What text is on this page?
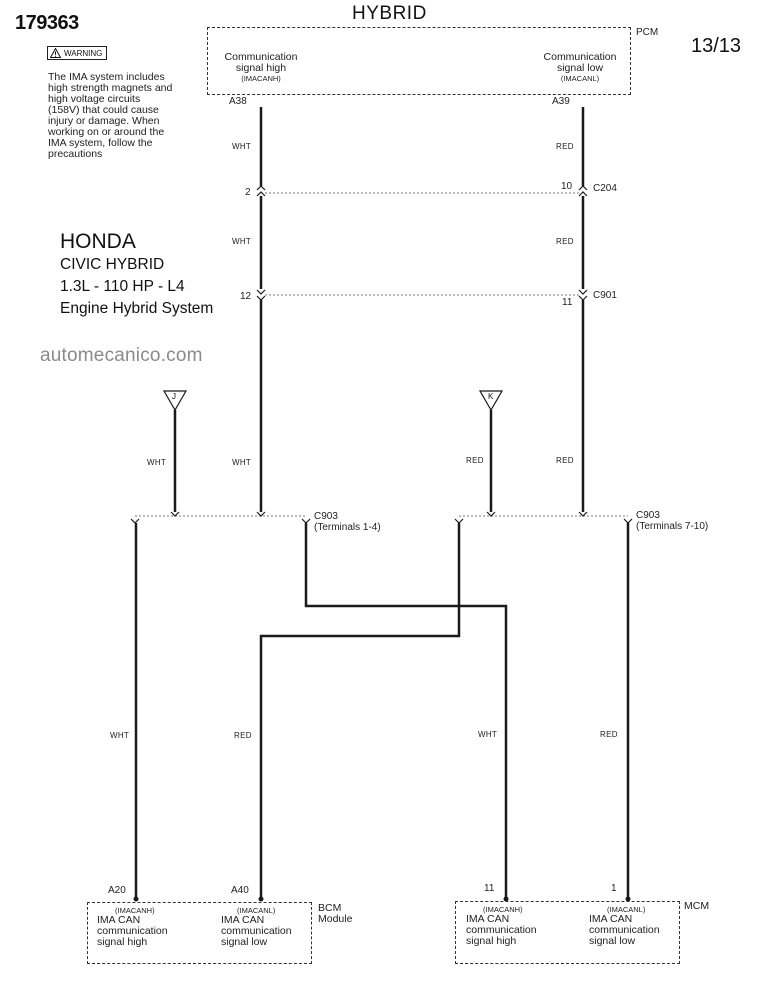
179363	HYBRID
13/13
WARNING
The IMA system includes
high strength magnets and
high voltage circuits
(158V) that could cause
injury or damage. When
working on or around the
IMA system, follow the
precautions
HONDA
CIVIC HYBRID
1.3L - 110 HP - L4
Engine Hybrid System
automecanico.com
PCM
Communication
signal high
(IMACANH)
Communication
signal low
(IMACANL)
A38	A39
WHT	RED
WHT	RED
WHT	RED
WHT	RED
2
10 C204
12
11
C901
C903
(Terminals 1-4)
C903
(Terminals 7-10)
J	K
WHT	RED	WHT	RED
A20	A40
BCM
Module
(IMACANH)
IMA CAN
communication
signal high
(IMACANL)
IMA CAN
communication
signal low
11	1
MCM
(IMACANH)
IMA CAN
communication
signal high
(IMACANL)
IMA CAN
communication
signal low
